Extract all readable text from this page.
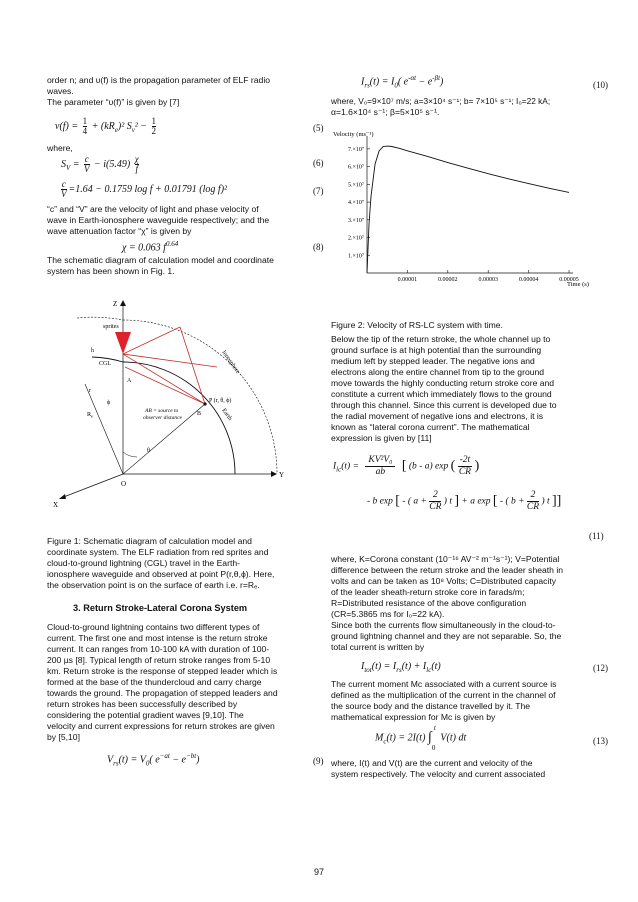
order n; and υ(f) is the propagation parameter of ELF radio

waves.

The parameter “υ(f)” is given by [7]

$\nu(f) = \frac{1}{4} + (kR_e)^2$ $S_v^2 - \frac{1}{2}$	(5)

where,

$S_V = \frac{c}{V} - i(5.49) \frac{\chi}{f}$	(6)
$\frac{c}{V} =1.64 - 0.1759$ log f + 0.01791 (log f)²	(7)

“c” and “V” are the velocity of light and phase velocity of

wave in Earth-ionosphere waveguide respectively; and the

wave attenuation factor “χ” is given by

χ = 0.063 $f^{0.64}$	(8)

The schematic diagram of calculation model and coordinate

system has been shown in Fig. 1.

Z
Y
X
O
sprites
h
CGL
A
P (r, θ, ϕ)
B
AB = source to
observer distance
Ionosphere
Earth
r
$R_e$
θ
ϕ

Figure 1: Schematic diagram of calculation model and

coordinate system. The ELF radiation from red sprites and

cloud-to-ground lightning (CGL) travel in the Earth-

ionosphere waveguide and observed at point P(r,θ,ϕ). Here,

the observation point is on the surface of earth i.e. r=Rₑ.

3. Return Stroke-Lateral Corona System

Cloud-to-ground lightning contains two different types of

current. The first one and most intense is the return stroke

current. It can ranges from 10-100 kA with duration of 100-

200 µs [8]. Typical length of return stroke ranges from 5-10

km. Return stroke is the response of stepped leader which is

formed at the base of the thundercloud and carry charge

towards the ground. The propagation of stepped leaders and

return strokes has been successfully described by

considering the potential gradient waves [9,10]. The

velocity and current expressions for return strokes are given

by [5,10]

$V_{rs}(t) = V_0$( $e^{-at} - e^{-bt}$)	(9)
$I_{rs}(t) = I_0$( $e^{-\alpha t} - e^{-\beta t}$)	(10)

where, V₀=9×10⁷ m/s; a=3×10⁴ s⁻¹; b= 7×10⁵ s⁻¹; I₀=22 kA;

α=1.6×10⁴ s⁻¹; β=5×10⁵ s⁻¹.

Velocity (ms⁻¹)
Time (s)
1.×10⁷
2.×10⁷
3.×10⁷
4.×10⁷
5.×10⁷
6.×10⁷
7.×10⁷
0.00001	0.00002	0.00003	0.00004	0.00005

Figure 2: Velocity of RS-LC system with time.

Below the tip of the return stroke, the whole channel up to

ground surface is at high potential than the surrounding

medium left by stepped leader. The negative ions and

electrons along the entire channel from tip to the ground

move towards the highly conducting return stroke core and

constitute a current which immediately flows to the ground

through this channel. Since this current is developed due to

the radial movement of negative ions and electrons, it is

known as “lateral corona current”. The mathematical

expression is given by [11]

$I_{lc}(t) = \frac{\text{KV²V₀}}{ab}$ [ (b - a) exp ( $\frac{-2t}{CR}$ )
- b exp [ - ( $a + \frac{2}{CR}$ ) t ] + a exp [ - ( $b + \frac{2}{CR}$ ) t ]]
(11)

where, K=Corona constant (10⁻¹⁶ AV⁻² m⁻¹s⁻¹); V=Potential

difference between the return stroke and the leader sheath in

volts and can be taken as 10⁸ Volts; C=Distributed capacity

of the leader sheath-return stroke core in farads/m;

R=Distributed resistance of the above configuration

(CR=5.3865 ms for I₀=22 kA).

Since both the currents flow simultaneously in the cloud-to-

ground lightning channel and they are not separable. So, the

total current is written by

$I_{tot}(t) = I_{rs}(t) + I_{lc}(t)$	(12)

The current moment Mᴄ associated with a current source is

defined as the multiplication of the current in the channel of

the source body and the distance travelled by it. The

mathematical expression for Mᴄ is given by

$M_c(t) = 2I(t)$ ∫
t
0
V(t) dt	(13)

where, I(t) and V(t) are the current and velocity of the

system respectively. The velocity and current associated

97
